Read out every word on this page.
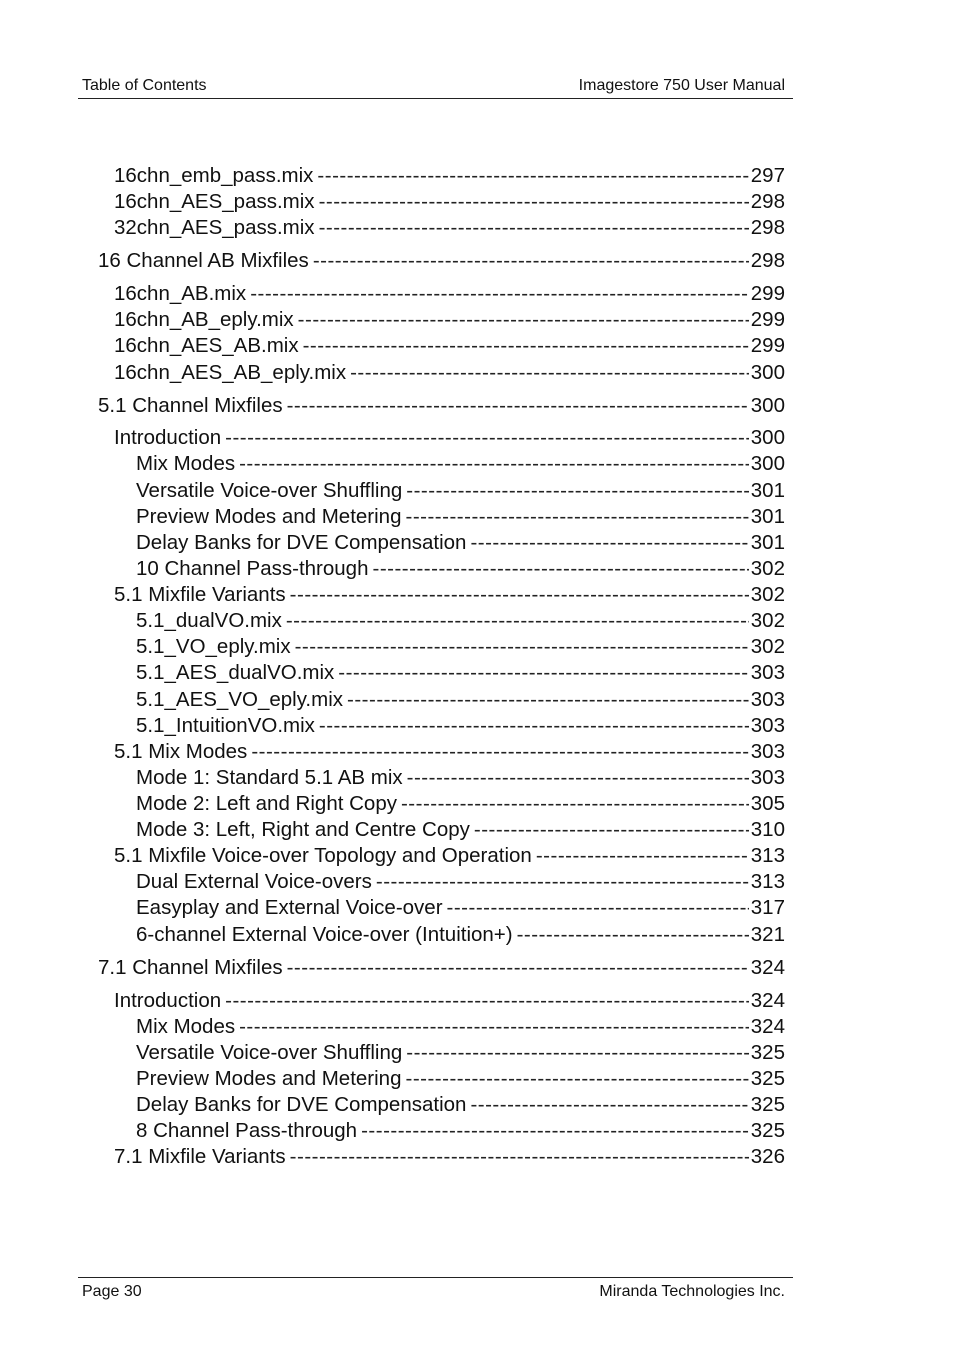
Table of Contents	Imagestore 750 User Manual
16chn_emb_pass.mix -----	297
16chn_AES_pass.mix -----	298
32chn_AES_pass.mix -----	298
16 Channel AB Mixfiles -----	298
16chn_AB.mix -----	299
16chn_AB_eply.mix -----	299
16chn_AES_AB.mix -----	299
16chn_AES_AB_eply.mix -----	300
5.1 Channel Mixfiles -----	300
Introduction -----	300
Mix Modes -----	300
Versatile Voice-over Shuffling -----	301
Preview Modes and Metering -----	301
Delay Banks for DVE Compensation -----	301
10 Channel Pass-through -----	302
5.1 Mixfile Variants -----	302
5.1_dualVO.mix -----	302
5.1_VO_eply.mix -----	302
5.1_AES_dualVO.mix -----	303
5.1_AES_VO_eply.mix -----	303
5.1_IntuitionVO.mix -----	303
5.1 Mix Modes -----	303
Mode 1: Standard 5.1 AB mix -----	303
Mode 2: Left and Right Copy -----	305
Mode 3: Left, Right and Centre Copy -----	310
5.1 Mixfile Voice-over Topology and Operation -----	313
Dual External Voice-overs -----	313
Easyplay and External Voice-over -----	317
6-channel External Voice-over (Intuition+) -----	321
7.1 Channel Mixfiles -----	324
Introduction -----	324
Mix Modes -----	324
Versatile Voice-over Shuffling -----	325
Preview Modes and Metering -----	325
Delay Banks for DVE Compensation -----	325
8 Channel Pass-through -----	325
7.1 Mixfile Variants -----	326
Page 30	Miranda Technologies Inc.
